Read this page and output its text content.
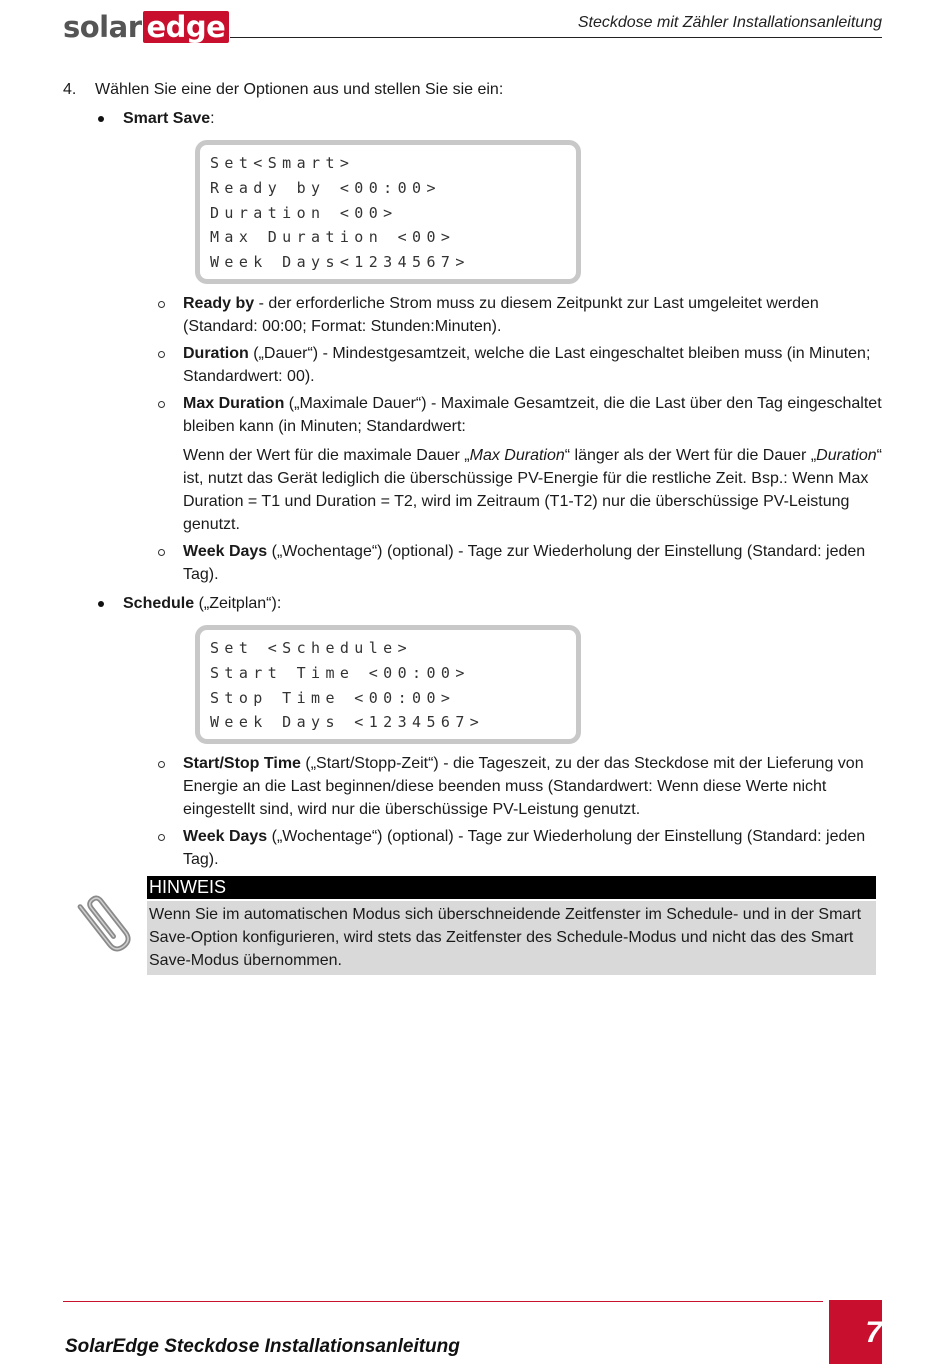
solar edge	Steckdose mit Zähler Installationsanleitung
4.	Wählen Sie eine der Optionen aus und stellen Sie sie ein:
Smart Save:
Set<Smart>
Ready by <00:00>
Duration <00>
Max Duration <00>
Week Days<1234567>
Ready by - der erforderliche Strom muss zu diesem Zeitpunkt zur Last umgeleitet werden (Standard: 00:00; Format: Stunden:Minuten).
Duration („Dauer“) - Mindestgesamtzeit, welche die Last eingeschaltet bleiben muss (in Minuten; Standardwert: 00).
Max Duration („Maximale Dauer“) - Maximale Gesamtzeit, die die Last über den Tag eingeschaltet bleiben kann (in Minuten; Standardwert:
Wenn der Wert für die maximale Dauer „Max Duration“ länger als der Wert für die Dauer „Duration“ ist, nutzt das Gerät lediglich die überschüssige PV-Energie für die restliche Zeit. Bsp.: Wenn Max Duration = T1 und Duration = T2, wird im Zeitraum (T1-T2) nur die überschüssige PV-Leistung genutzt.
Week Days („Wochentage“) (optional) - Tage zur Wiederholung der Einstellung (Standard: jeden Tag).
Schedule („Zeitplan“):
Set <Schedule>
Start Time <00:00>
Stop Time <00:00>
Week Days <1234567>
Start/Stop Time („Start/Stopp-Zeit“) - die Tageszeit, zu der das Steckdose mit der Lieferung von Energie an die Last beginnen/diese beenden muss (Standardwert: Wenn diese Werte nicht eingestellt sind, wird nur die überschüssige PV-Leistung genutzt.
Week Days („Wochentage“) (optional) - Tage zur Wiederholung der Einstellung (Standard: jeden Tag).
HINWEIS
Wenn Sie im automatischen Modus sich überschneidende Zeitfenster im Schedule- und in der Smart Save-Option konfigurieren, wird stets das Zeitfenster des Schedule-Modus und nicht das des Smart Save-Modus übernommen.
SolarEdge Steckdose Installationsanleitung	7
